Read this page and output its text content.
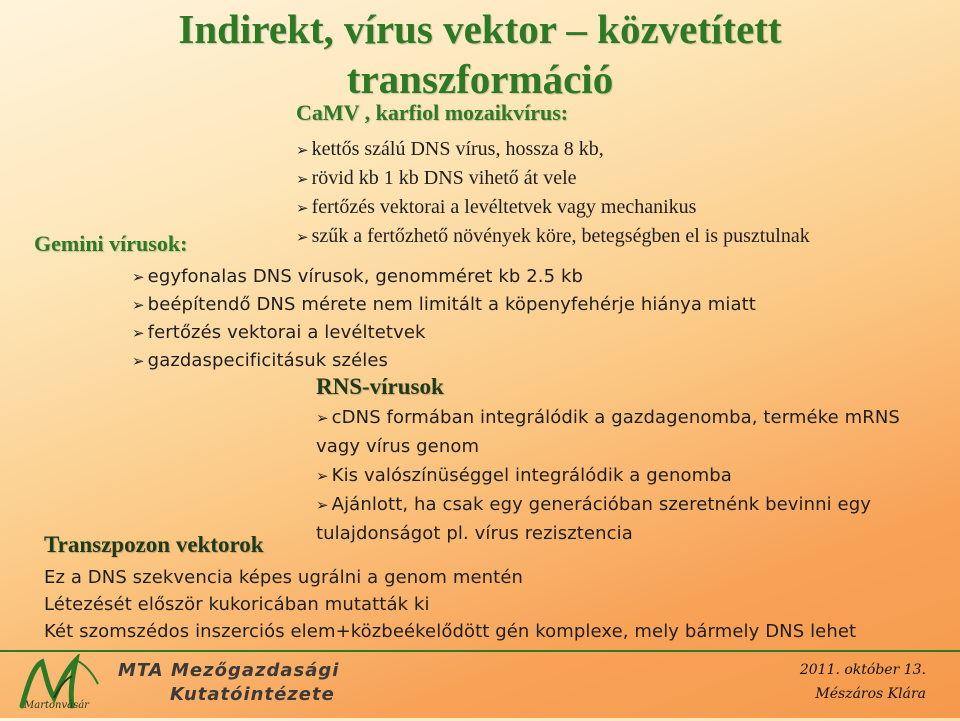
Indirekt, vírus vektor – közvetített
transzformáció
CaMV , karfiol mozaikvírus:
➢ kettős szálú DNS vírus, hossza 8 kb,
➢ rövid kb 1 kb DNS vihető át vele
➢ fertőzés vektorai a levéltetvek vagy mechanikus
➢ szűk a fertőzhető növények köre, betegségben el is pusztulnak
Gemini vírusok:
➢ egyfonalas DNS vírusok, genomméret kb 2.5 kb
➢ beépítendő DNS mérete nem limitált a köpenyfehérje hiánya miatt
➢ fertőzés vektorai a levéltetvek
➢ gazdaspecificitásuk széles
RNS-vírusok
➢ cDNS formában integrálódik a gazdagenomba, terméke mRNS
vagy vírus genom
➢ Kis valószínüséggel integrálódik a genomba
➢ Ajánlott, ha csak egy generációban szeretnénk bevinni egy
tulajdonságot pl. vírus rezisztencia
Transzpozon vektorok
Ez a DNS szekvencia képes ugrálni a genom mentén
Létezését először kukoricában mutatták ki
Két szomszédos inszerciós elem+közbeékelődött gén komplexe, mely bármely DNS lehet
Martonvásár
MTA Mezőgazdasági
Kutatóintézete
2011. október 13.
Mészáros Klára
